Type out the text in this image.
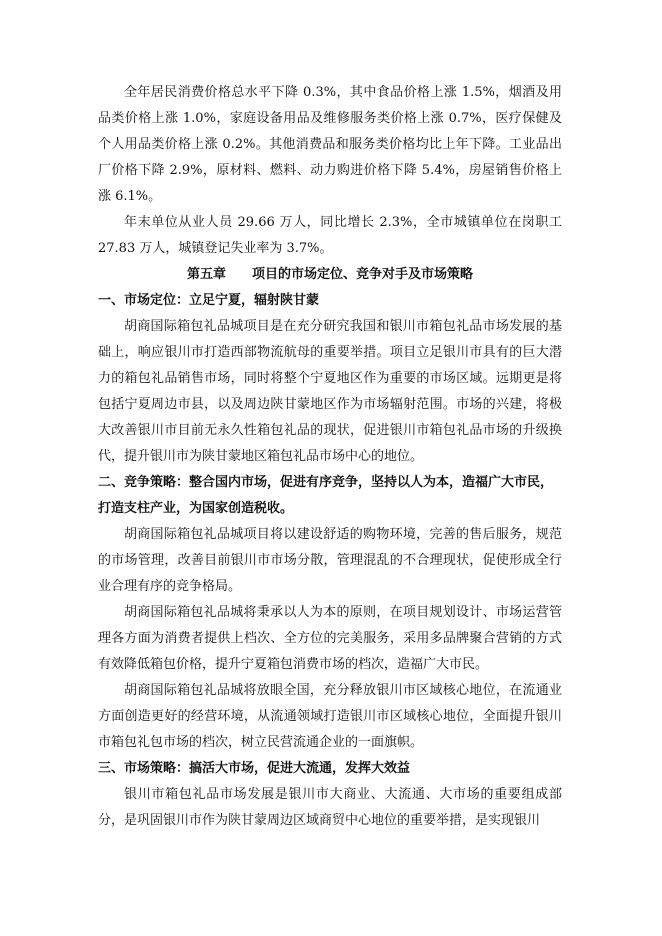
全年居民消费价格总水平下降 0.3%，其中食品价格上涨 1.5%，烟酒及用品类价格上涨 1.0%，家庭设备用品及维修服务类价格上涨 0.7%，医疗保健及个人用品类价格上涨 0.2%。其他消费品和服务类价格均比上年下降。工业品出厂价格下降 2.9%，原材料、燃料、动力购进价格下降 5.4%，房屋销售价格上涨 6.1%。

年末单位从业人员 29.66 万人，同比增长 2.3%，全市城镇单位在岗职工 27.83 万人，城镇登记失业率为 3.7%。

第五章　　项目的市场定位、竞争对手及市场策略

一、市场定位：立足宁夏，辐射陕甘蒙

胡商国际箱包礼品城项目是在充分研究我国和银川市箱包礼品市场发展的基础上，响应银川市打造西部物流航母的重要举措。项目立足银川市具有的巨大潜力的箱包礼品销售市场，同时将整个宁夏地区作为重要的市场区域。远期更是将包括宁夏周边市县，以及周边陕甘蒙地区作为市场辐射范围。市场的兴建，将极大改善银川市目前无永久性箱包礼品的现状，促进银川市箱包礼品市场的升级换代，提升银川市为陕甘蒙地区箱包礼品市场中心的地位。

二、竞争策略：整合国内市场，促进有序竞争，坚持以人为本，造福广大市民，打造支柱产业，为国家创造税收。

胡商国际箱包礼品城项目将以建设舒适的购物环境，完善的售后服务，规范的市场管理，改善目前银川市市场分散，管理混乱的不合理现状，促使形成全行业合理有序的竞争格局。

胡商国际箱包礼品城将秉承以人为本的原则，在项目规划设计、市场运营管理各方面为消费者提供上档次、全方位的完美服务，采用多品牌聚合营销的方式有效降低箱包价格，提升宁夏箱包消费市场的档次，造福广大市民。

胡商国际箱包礼品城将放眼全国，充分释放银川市区域核心地位，在流通业方面创造更好的经营环境，从流通领域打造银川市区域核心地位，全面提升银川市箱包礼包市场的档次，树立民营流通企业的一面旗帜。

三、市场策略：搞活大市场，促进大流通，发挥大效益

银川市箱包礼品市场发展是银川市大商业、大流通、大市场的重要组成部分，是巩固银川市作为陕甘蒙周边区域商贸中心地位的重要举措，是实现银川
